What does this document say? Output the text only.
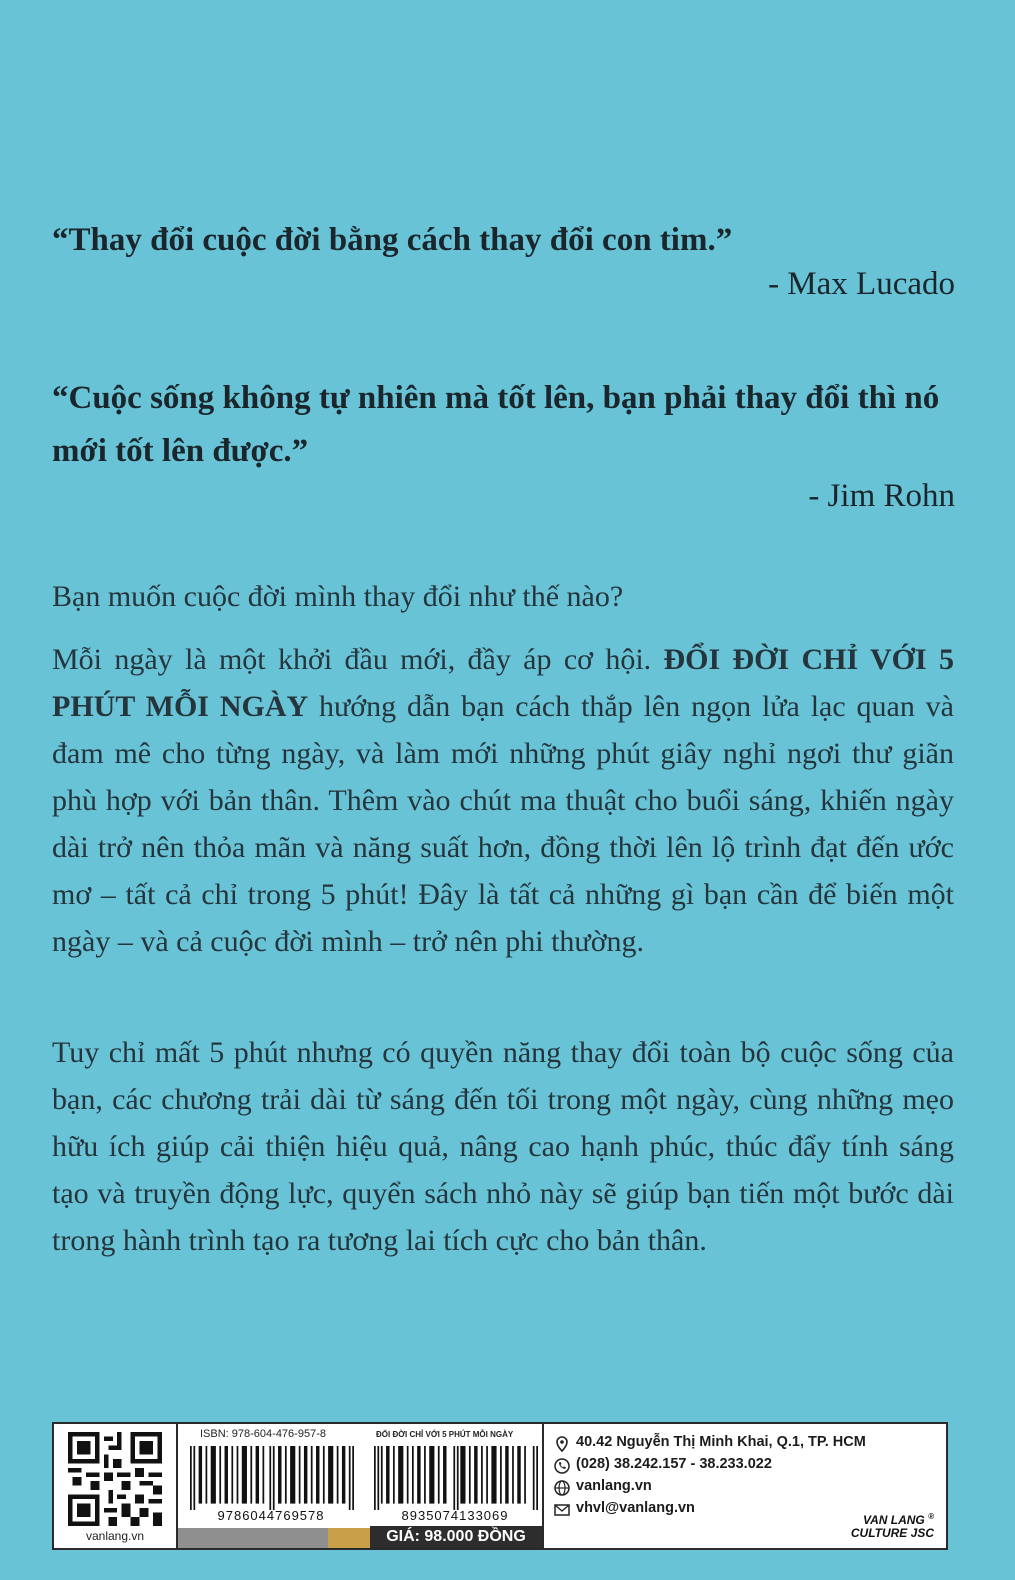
“Thay đổi cuộc đời bằng cách thay đổi con tim.”
- Max Lucado
“Cuộc sống không tự nhiên mà tốt lên, bạn phải thay đổi thì nó mới tốt lên được.”
- Jim Rohn
Bạn muốn cuộc đời mình thay đổi như thế nào?
Mỗi ngày là một khởi đầu mới, đầy áp cơ hội. ĐỔI ĐỜI CHỈ VỚI 5 PHÚT MỖI NGÀY hướng dẫn bạn cách thắp lên ngọn lửa lạc quan và đam mê cho từng ngày, và làm mới những phút giây nghỉ ngơi thư giãn phù hợp với bản thân. Thêm vào chút ma thuật cho buổi sáng, khiến ngày dài trở nên thỏa mãn và năng suất hơn, đồng thời lên lộ trình đạt đến ước mơ – tất cả chỉ trong 5 phút! Đây là tất cả những gì bạn cần để biến một ngày – và cả cuộc đời mình – trở nên phi thường.
Tuy chỉ mất 5 phút nhưng có quyền năng thay đổi toàn bộ cuộc sống của bạn, các chương trải dài từ sáng đến tối trong một ngày, cùng những mẹo hữu ích giúp cải thiện hiệu quả, nâng cao hạnh phúc, thúc đẩy tính sáng tạo và truyền động lực, quyển sách nhỏ này sẽ giúp bạn tiến một bước dài trong hành trình tạo ra tương lai tích cực cho bản thân.
vanlang.vn
ISBN: 978-604-476-957-8	ĐỔI ĐỜI CHỈ VỚI 5 PHÚT MỖI NGÀY
9786044769578	8935074133069
GIÁ: 98.000 ĐỒNG
40.42 Nguyễn Thị Minh Khai, Q.1, TP. HCM
(028) 38.242.157 - 38.233.022
vanlang.vn
vhvl@vanlang.vn
VAN LANG ®
CULTURE JSC
